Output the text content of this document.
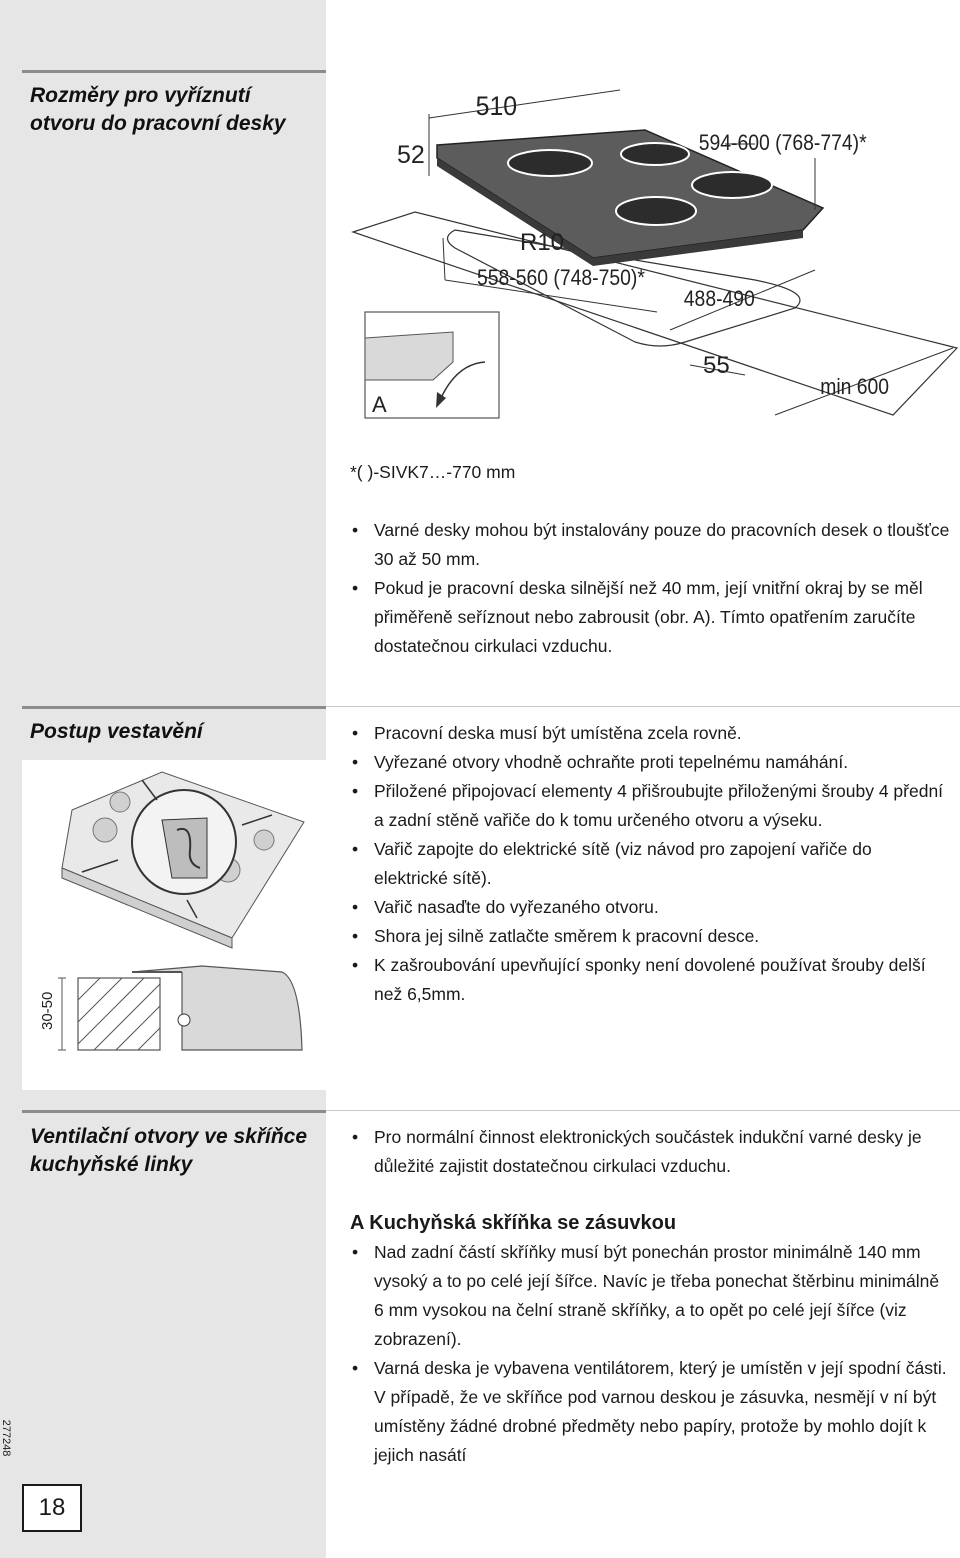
Rozměry pro vyříznutí otvoru do pracovní desky
510
52	594-600 (768-774)*
R10
558-560 (748-750)*
488-490
55
min 600
A
*( )-SIVK7…-770 mm
• Varné desky mohou být instalovány pouze do pracovních desek o tloušťce 30 až 50 mm.
• Pokud je pracovní deska silnější než 40 mm, její vnitřní okraj by se měl přiměřeně seříznout nebo zabrousit (obr. A). Tímto opatřením zaručíte dostatečnou cirkulaci vzduchu.
Postup vestavění
30-50
• Pracovní deska musí být umístěna zcela rovně.
• Vyřezané otvory vhodně ochraňte proti tepelnému namáhání.
• Přiložené připojovací elementy 4 přišroubujte přiloženými šrouby 4 přední a zadní stěně vařiče do k tomu určeného otvoru a výseku.
• Vařič zapojte do elektrické sítě (viz návod pro zapojení vařiče do elektrické sítě).
• Vařič nasaďte do vyřezaného otvoru.
• Shora jej silně zatlačte směrem k pracovní desce.
• K zašroubování upevňující sponky není dovolené používat šrouby delší než 6,5mm.
Ventilační otvory ve skříňce kuchyňské linky
• Pro normální činnost elektronických součástek indukční varné desky je důležité zajistit dostatečnou cirkulaci vzduchu.
A Kuchyňská skříňka se zásuvkou
• Nad zadní částí skříňky musí být ponechán prostor minimálně 140 mm vysoký a to po celé její šířce. Navíc je třeba ponechat štěrbinu minimálně 6 mm vysokou na čelní straně skříňky, a to opět po celé její šířce (viz zobrazení).
• Varná deska je vybavena ventilátorem, který je umístěn v její spodní části. V případě, že ve skříňce pod varnou deskou je zásuvka, nesmějí v ní být umístěny žádné drobné předměty nebo papíry, protože by mohlo dojít k jejich nasátí
277248
18
